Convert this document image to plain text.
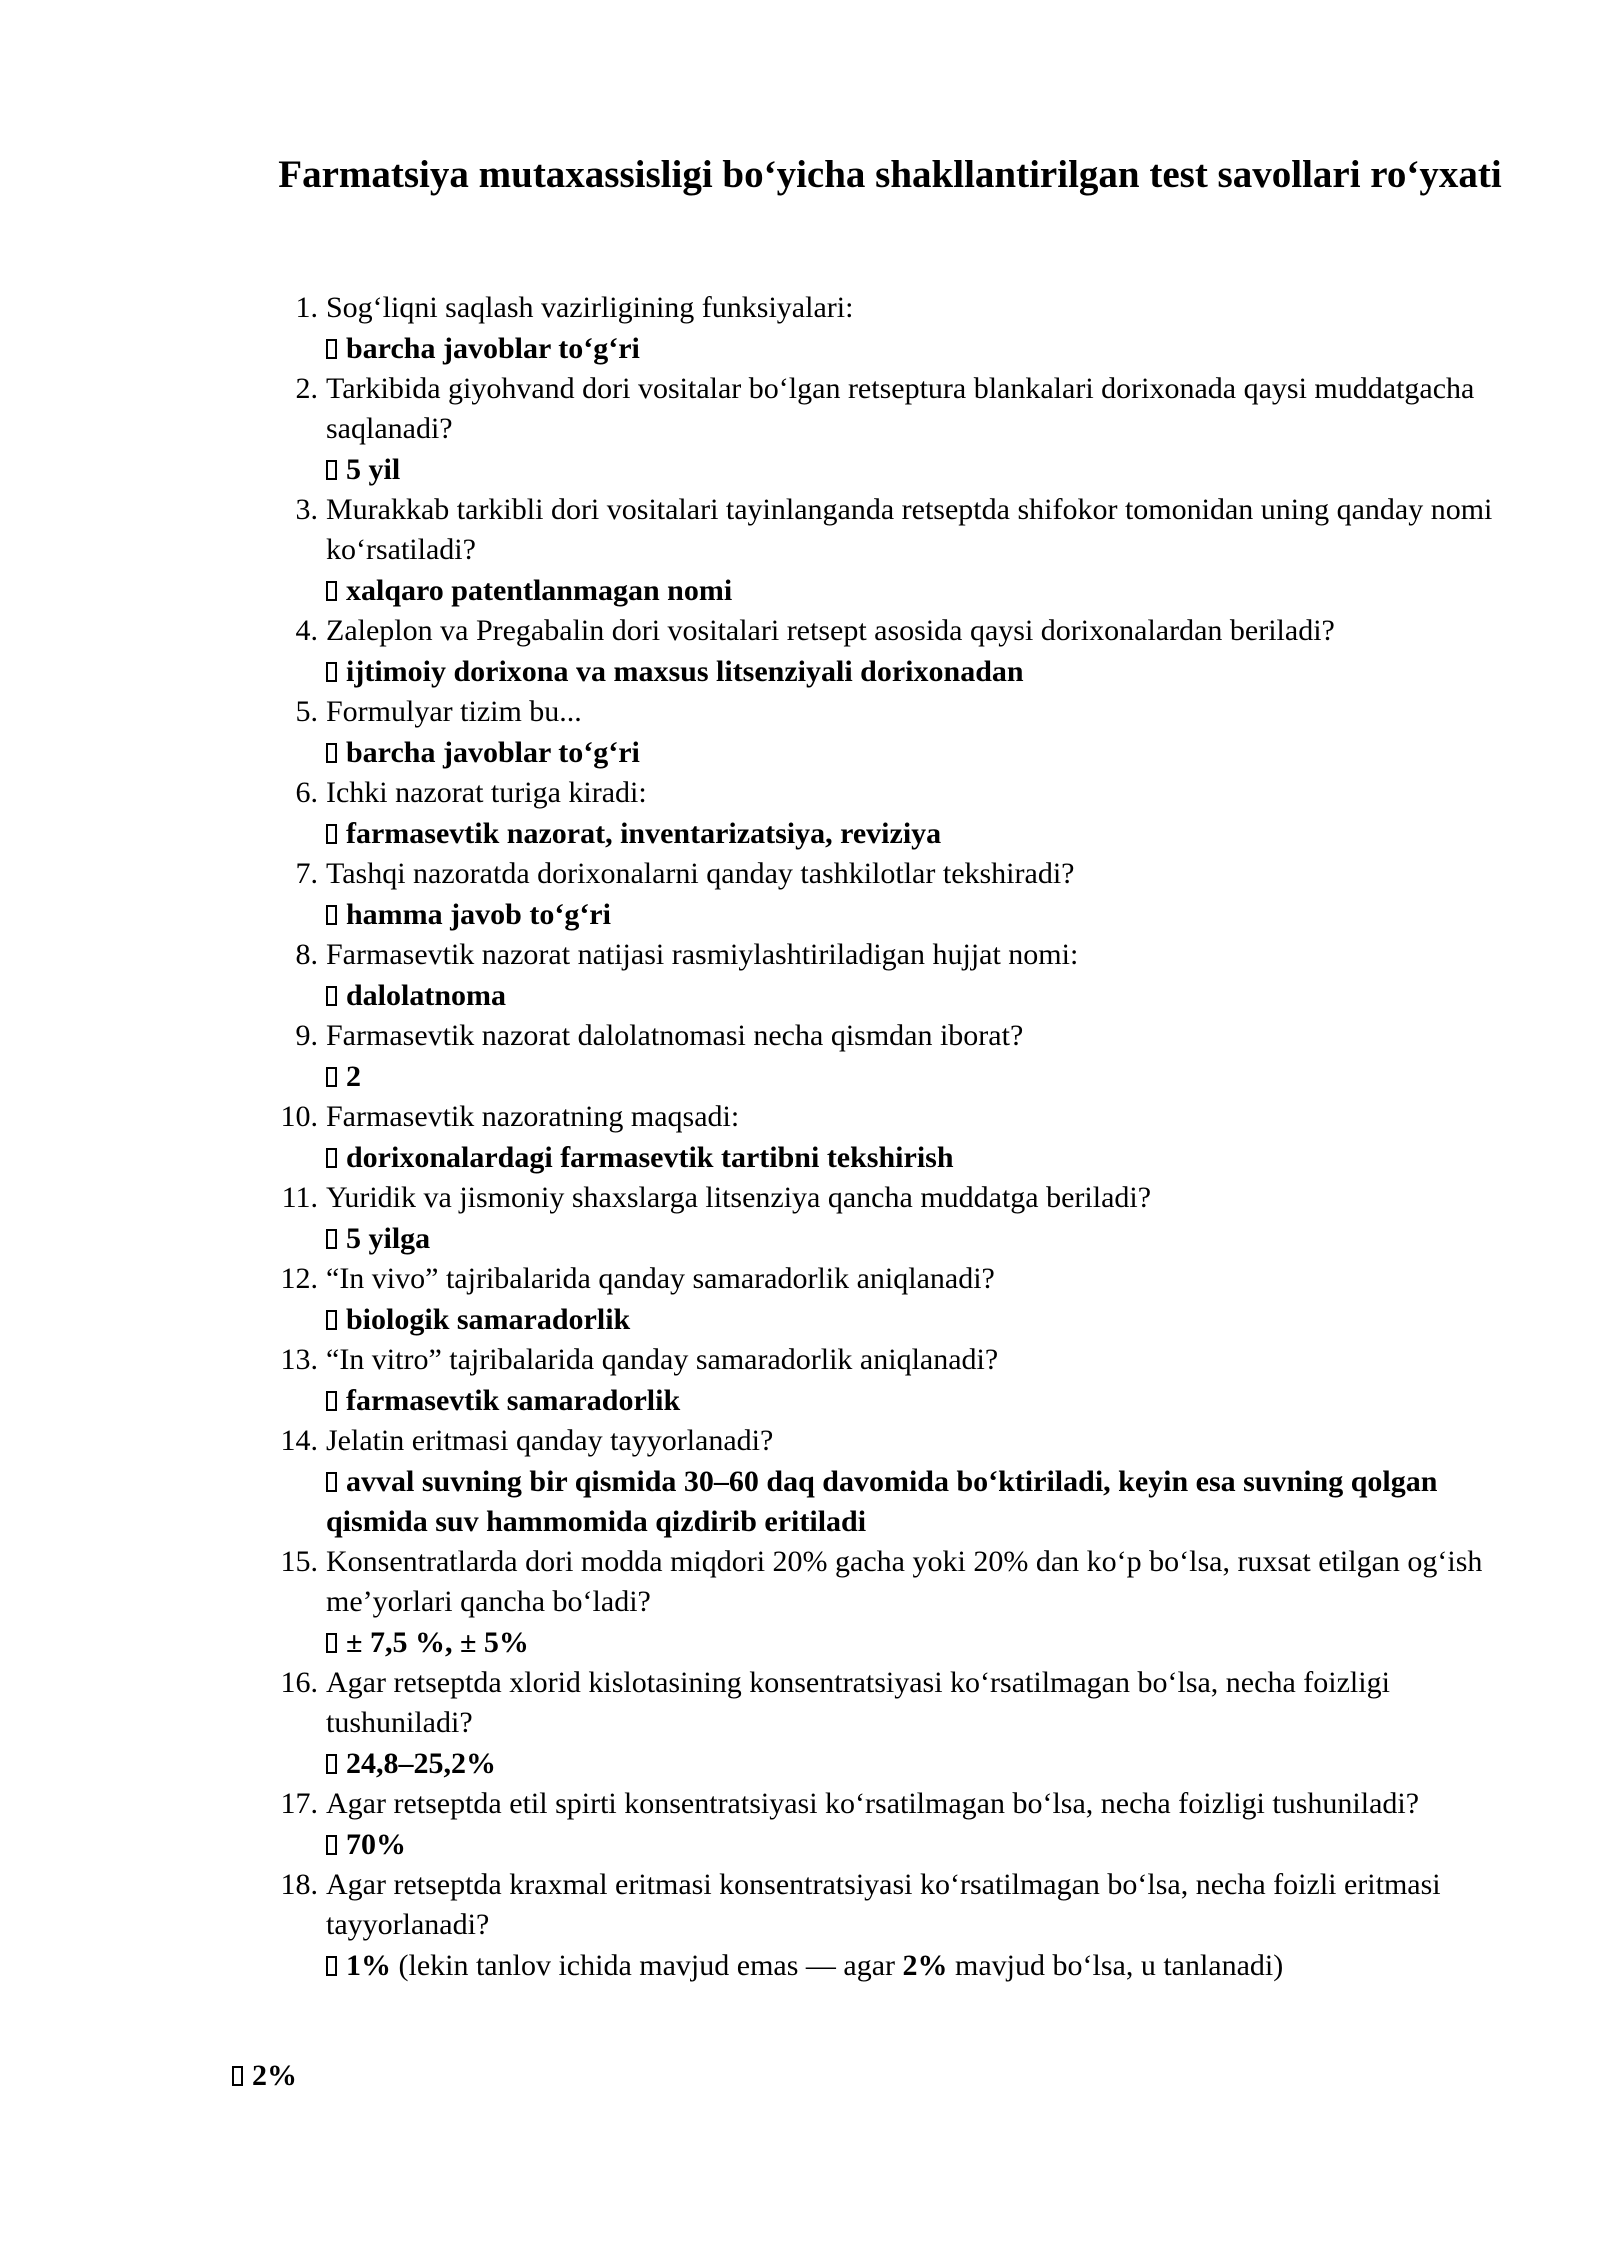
Farmatsiya mutaxassisligi bo‘yicha shakllantirilgan test savollari ro‘yxati
1. Sog‘liqni saqlash vazirligining funksiyalari:
barcha javoblar to‘g‘ri
2. Tarkibida giyohvand dori vositalar bo‘lgan retseptura blankalari dorixonada qaysi muddatgacha saqlanadi?
5 yil
3. Murakkab tarkibli dori vositalari tayinlanganda retseptda shifokor tomonidan uning qanday nomi ko‘rsatiladi?
xalqaro patentlanmagan nomi
4. Zaleplon va Pregabalin dori vositalari retsept asosida qaysi dorixonalardan beriladi?
ijtimoiy dorixona va maxsus litsenziyali dorixonadan
5. Formulyar tizim bu...
barcha javoblar to‘g‘ri
6. Ichki nazorat turiga kiradi:
farmasevtik nazorat, inventarizatsiya, reviziya
7. Tashqi nazoratda dorixonalarni qanday tashkilotlar tekshiradi?
hamma javob to‘g‘ri
8. Farmasevtik nazorat natijasi rasmiylashtiriladigan hujjat nomi:
dalolatnoma
9. Farmasevtik nazorat dalolatnomasi necha qismdan iborat?
2
10. Farmasevtik nazoratning maqsadi:
dorixonalardagi farmasevtik tartibni tekshirish
11. Yuridik va jismoniy shaxslarga litsenziya qancha muddatga beriladi?
5 yilga
12. “In vivo” tajribalarida qanday samaradorlik aniqlanadi?
biologik samaradorlik
13. “In vitro” tajribalarida qanday samaradorlik aniqlanadi?
farmasevtik samaradorlik
14. Jelatin eritmasi qanday tayyorlanadi?
avval suvning bir qismida 30–60 daq davomida bo‘ktiriladi, keyin esa suvning qolgan qismida suv hammomida qizdirib eritiladi
15. Konsentratlarda dori modda miqdori 20% gacha yoki 20% dan ko‘p bo‘lsa, ruxsat etilgan og‘ish me’yorlari qancha bo‘ladi?
± 7,5 %, ± 5%
16. Agar retseptda xlorid kislotasining konsentratsiyasi ko‘rsatilmagan bo‘lsa, necha foizligi tushuniladi?
24,8–25,2%
17. Agar retseptda etil spirti konsentratsiyasi ko‘rsatilmagan bo‘lsa, necha foizligi tushuniladi?
70%
18. Agar retseptda kraxmal eritmasi konsentratsiyasi ko‘rsatilmagan bo‘lsa, necha foizli eritmasi tayyorlanadi?
1% (lekin tanlov ichida mavjud emas — agar 2% mavjud bo‘lsa, u tanlanadi)
2%
